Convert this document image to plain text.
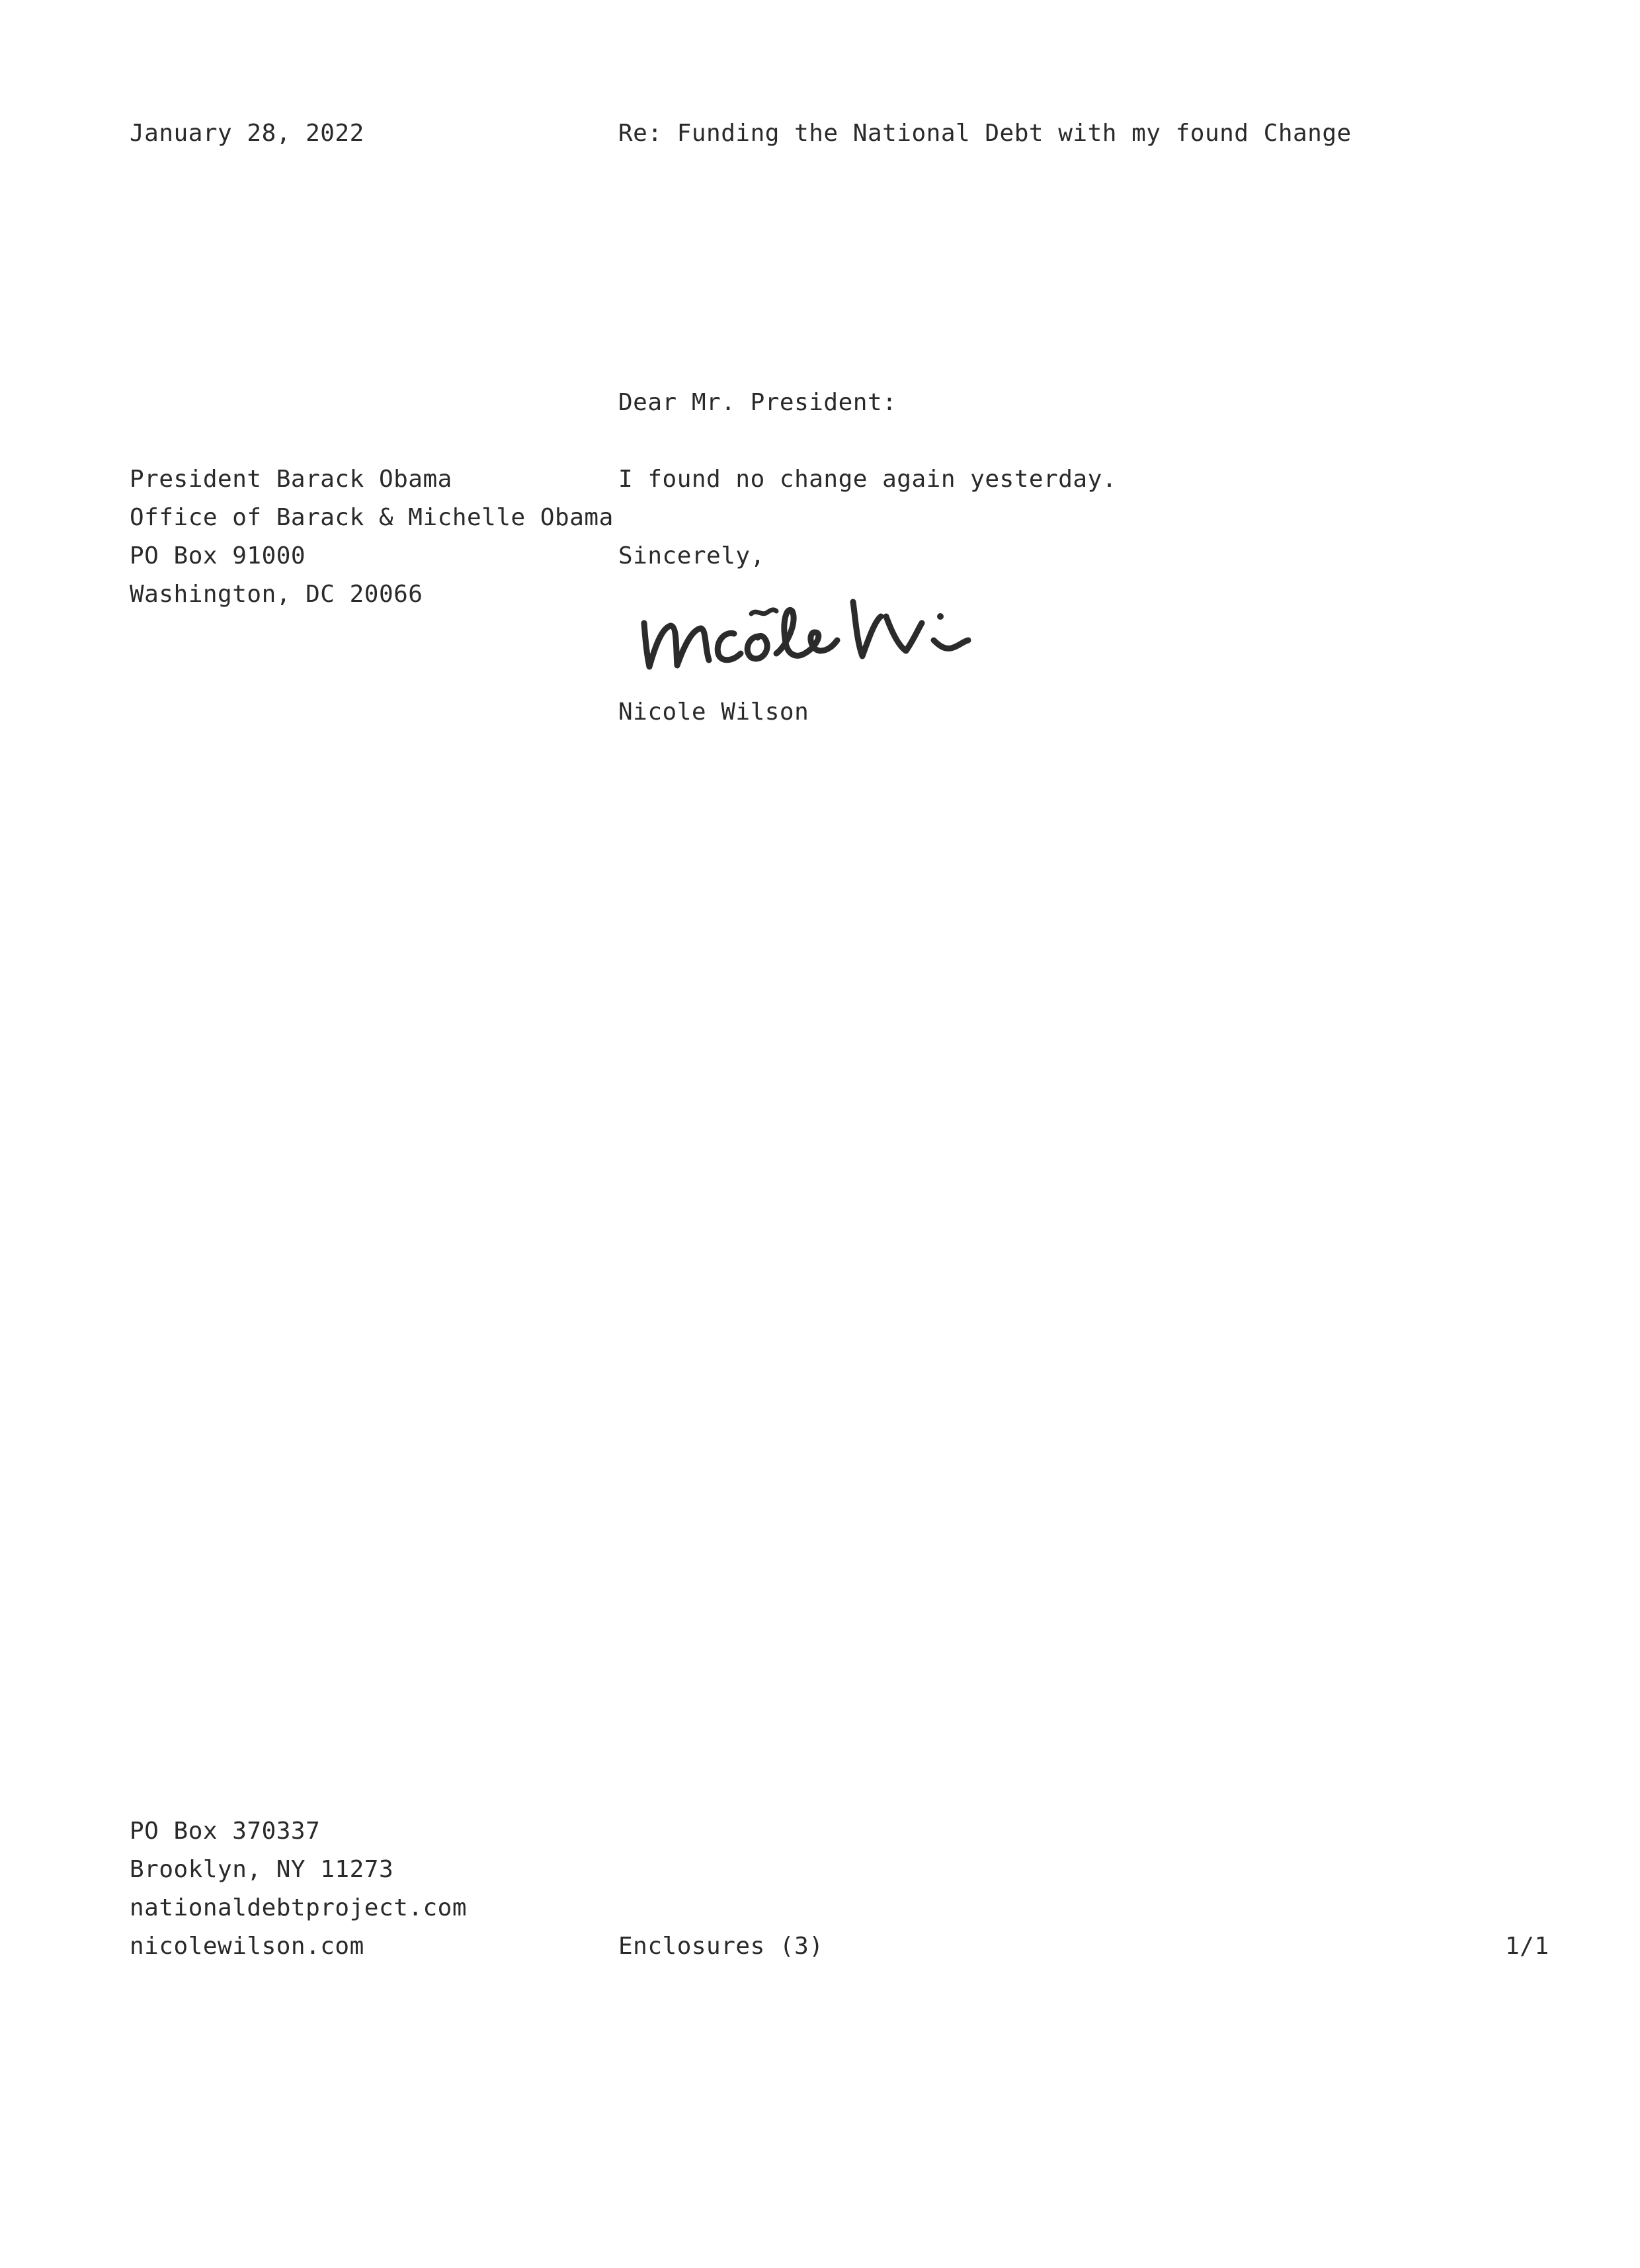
January 28, 2022	Re: Funding the National Debt with my found Change
Dear Mr. President:
President Barack Obama
Office of Barack & Michelle Obama
PO Box 91000
Washington, DC 20066
I found no change again yesterday.
Sincerely,
Nicole Wilson
PO Box 370337
Brooklyn, NY 11273
nationaldebtproject.com
nicolewilson.com	Enclosures (3)	1/1
